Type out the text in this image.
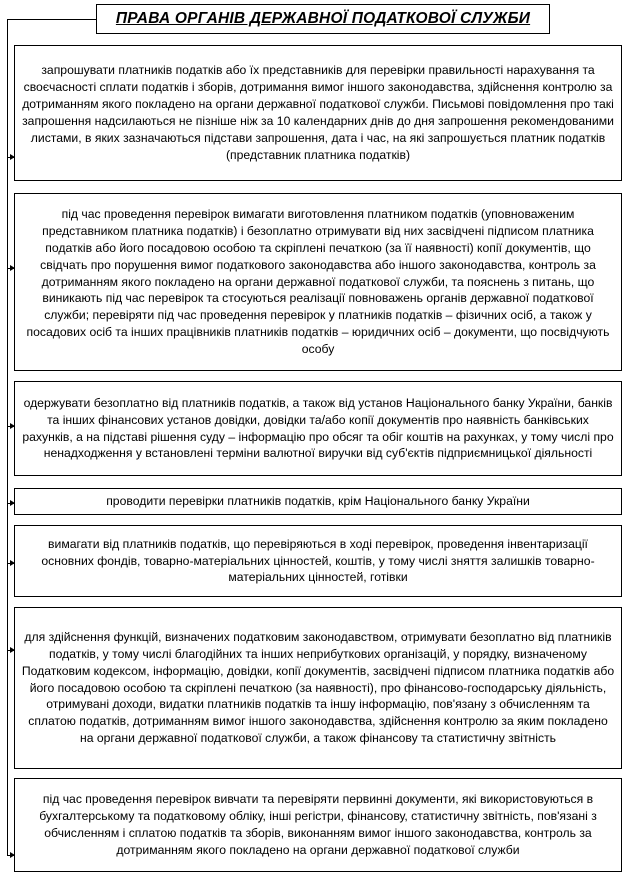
ПРАВА ОРГАНІВ ДЕРЖАВНОЇ ПОДАТКОВОЇ СЛУЖБИ
запрошувати платників податків або їх представників для перевірки правильності нарахування та своєчасності сплати податків і зборів, дотримання вимог іншого законодавства, здійснення контролю за дотриманням якого покладено на органи державної податкової служби. Письмові повідомлення про такі запрошення надсилаються не пізніше ніж за 10 календарних днів до дня запрошення рекомендованими листами, в яких зазначаються підстави запрошення, дата і час, на які запрошується платник податків (представник платника податків)
під час проведення перевірок вимагати виготовлення платником податків (уповноваженим представником платника податків) і безоплатно отримувати від них засвідчені підписом платника податків або його посадовою особою та скріплені печаткою (за її наявності) копії документів, що свідчать про порушення вимог податкового законодавства або іншого законодавства, контроль за дотриманням якого покладено на органи державної податкової служби, та пояснень з питань, що виникають під час перевірок та стосуються реалізації повноважень органів державної податкової служби; перевіряти під час проведення перевірок у платників податків – фізичних осіб, а також у посадових осіб та інших працівників платників податків – юридичних осіб – документи, що посвідчують особу
одержувати безоплатно від платників податків, а також від установ Національного банку України, банків та інших фінансових установ довідки, довідки та/або копії документів про наявність банківських рахунків, а на підставі рішення суду – інформацію про обсяг та обіг коштів на рахунках, у тому числі про ненадходження у встановлені терміни валютної виручки від суб'єктів підприємницької діяльності
проводити перевірки платників податків, крім Національного банку України
вимагати від платників податків, що перевіряються в ході перевірок, проведення інвентаризації основних фондів, товарно-матеріальних цінностей, коштів, у тому числі зняття залишків товарно-матеріальних цінностей, готівки
для здійснення функцій, визначених податковим законодавством, отримувати безоплатно від платників податків, у тому числі благодійних та інших неприбуткових організацій, у порядку, визначеному Податковим кодексом, інформацію, довідки, копії документів, засвідчені підписом платника податків або його посадовою особою та скріплені печаткою (за наявності), про фінансово-господарську діяльність, отримувані доходи, видатки платників податків та іншу інформацію, пов'язану з обчисленням та сплатою податків, дотриманням вимог іншого законодавства, здійснення контролю за яким покладено на органи державної податкової служби, а також фінансову та статистичну звітність
під час проведення перевірок вивчати та перевіряти первинні документи, які використовуються в бухгалтерському та податковому обліку, інші регістри, фінансову, статистичну звітність, пов'язані з обчисленням і сплатою податків та зборів, виконанням вимог іншого законодавства, контроль за дотриманням якого покладено на органи державної податкової служби
